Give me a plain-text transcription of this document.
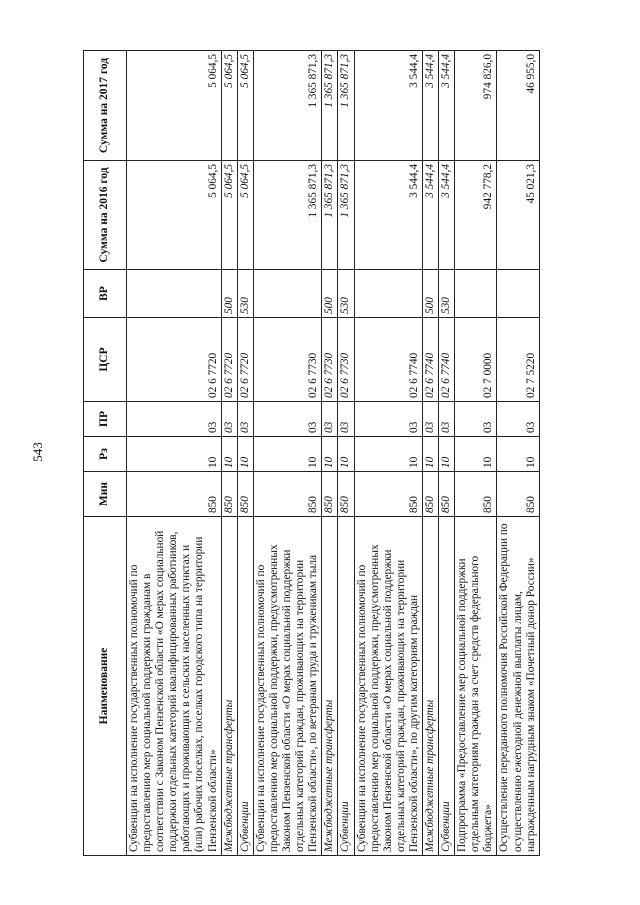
543
Наименование	Мин	Рз	ПР	ЦСР	ВР	Сумма на 2016 год	Сумма на 2017 год
Субвенции на исполнение государственных полномочий по предоставлению мер социальной поддержки гражданам в соответствии с Законом Пензенской области «О мерах социальной поддержки отдельных категорий квалифицированных работников, работающих и проживающих в сельских населенных пунктах и (или) рабочих поселках, поселках городского типа на территории Пензенской области»	850	10	03	02 6 7720		5 064,5	5 064,5
Межбюджетные трансферты	850	10	03	02 6 7720	500	5 064,5	5 064,5
Субвенции	850	10	03	02 6 7720	530	5 064,5	5 064,5
Субвенции на исполнение государственных полномочий по предоставлению мер социальной поддержки, предусмотренных Законом Пензенской области «О мерах социальной поддержки отдельных категорий граждан, проживающих на территории Пензенской области», по ветеранам труда и труженикам тыла	850	10	03	02 6 7730		1 365 871,3	1 365 871,3
Межбюджетные трансферты	850	10	03	02 6 7730	500	1 365 871,3	1 365 871,3
Субвенции	850	10	03	02 6 7730	530	1 365 871,3	1 365 871,3
Субвенции на исполнение государственных полномочий по предоставлению мер социальной поддержки, предусмотренных Законом Пензенской области «О мерах социальной поддержки отдельных категорий граждан, проживающих на территории Пензенской области», по другим категориям граждан	850	10	03	02 6 7740		3 544,4	3 544,4
Межбюджетные трансферты	850	10	03	02 6 7740	500	3 544,4	3 544,4
Субвенции	850	10	03	02 6 7740	530	3 544,4	3 544,4
Подпрограмма «Предоставление мер социальной поддержки отдельным категориям граждан за счет средств федерального бюджета»	850	10	03	02 7 0000		942 778,2	974 826,0
Осуществление переданного полномочия Российской Федерации по осуществлению ежегодной денежной выплаты лицам, награжденным нагрудным знаком «Почетный донор России»	850	10	03	02 7 5220		45 021,3	46 955,0
